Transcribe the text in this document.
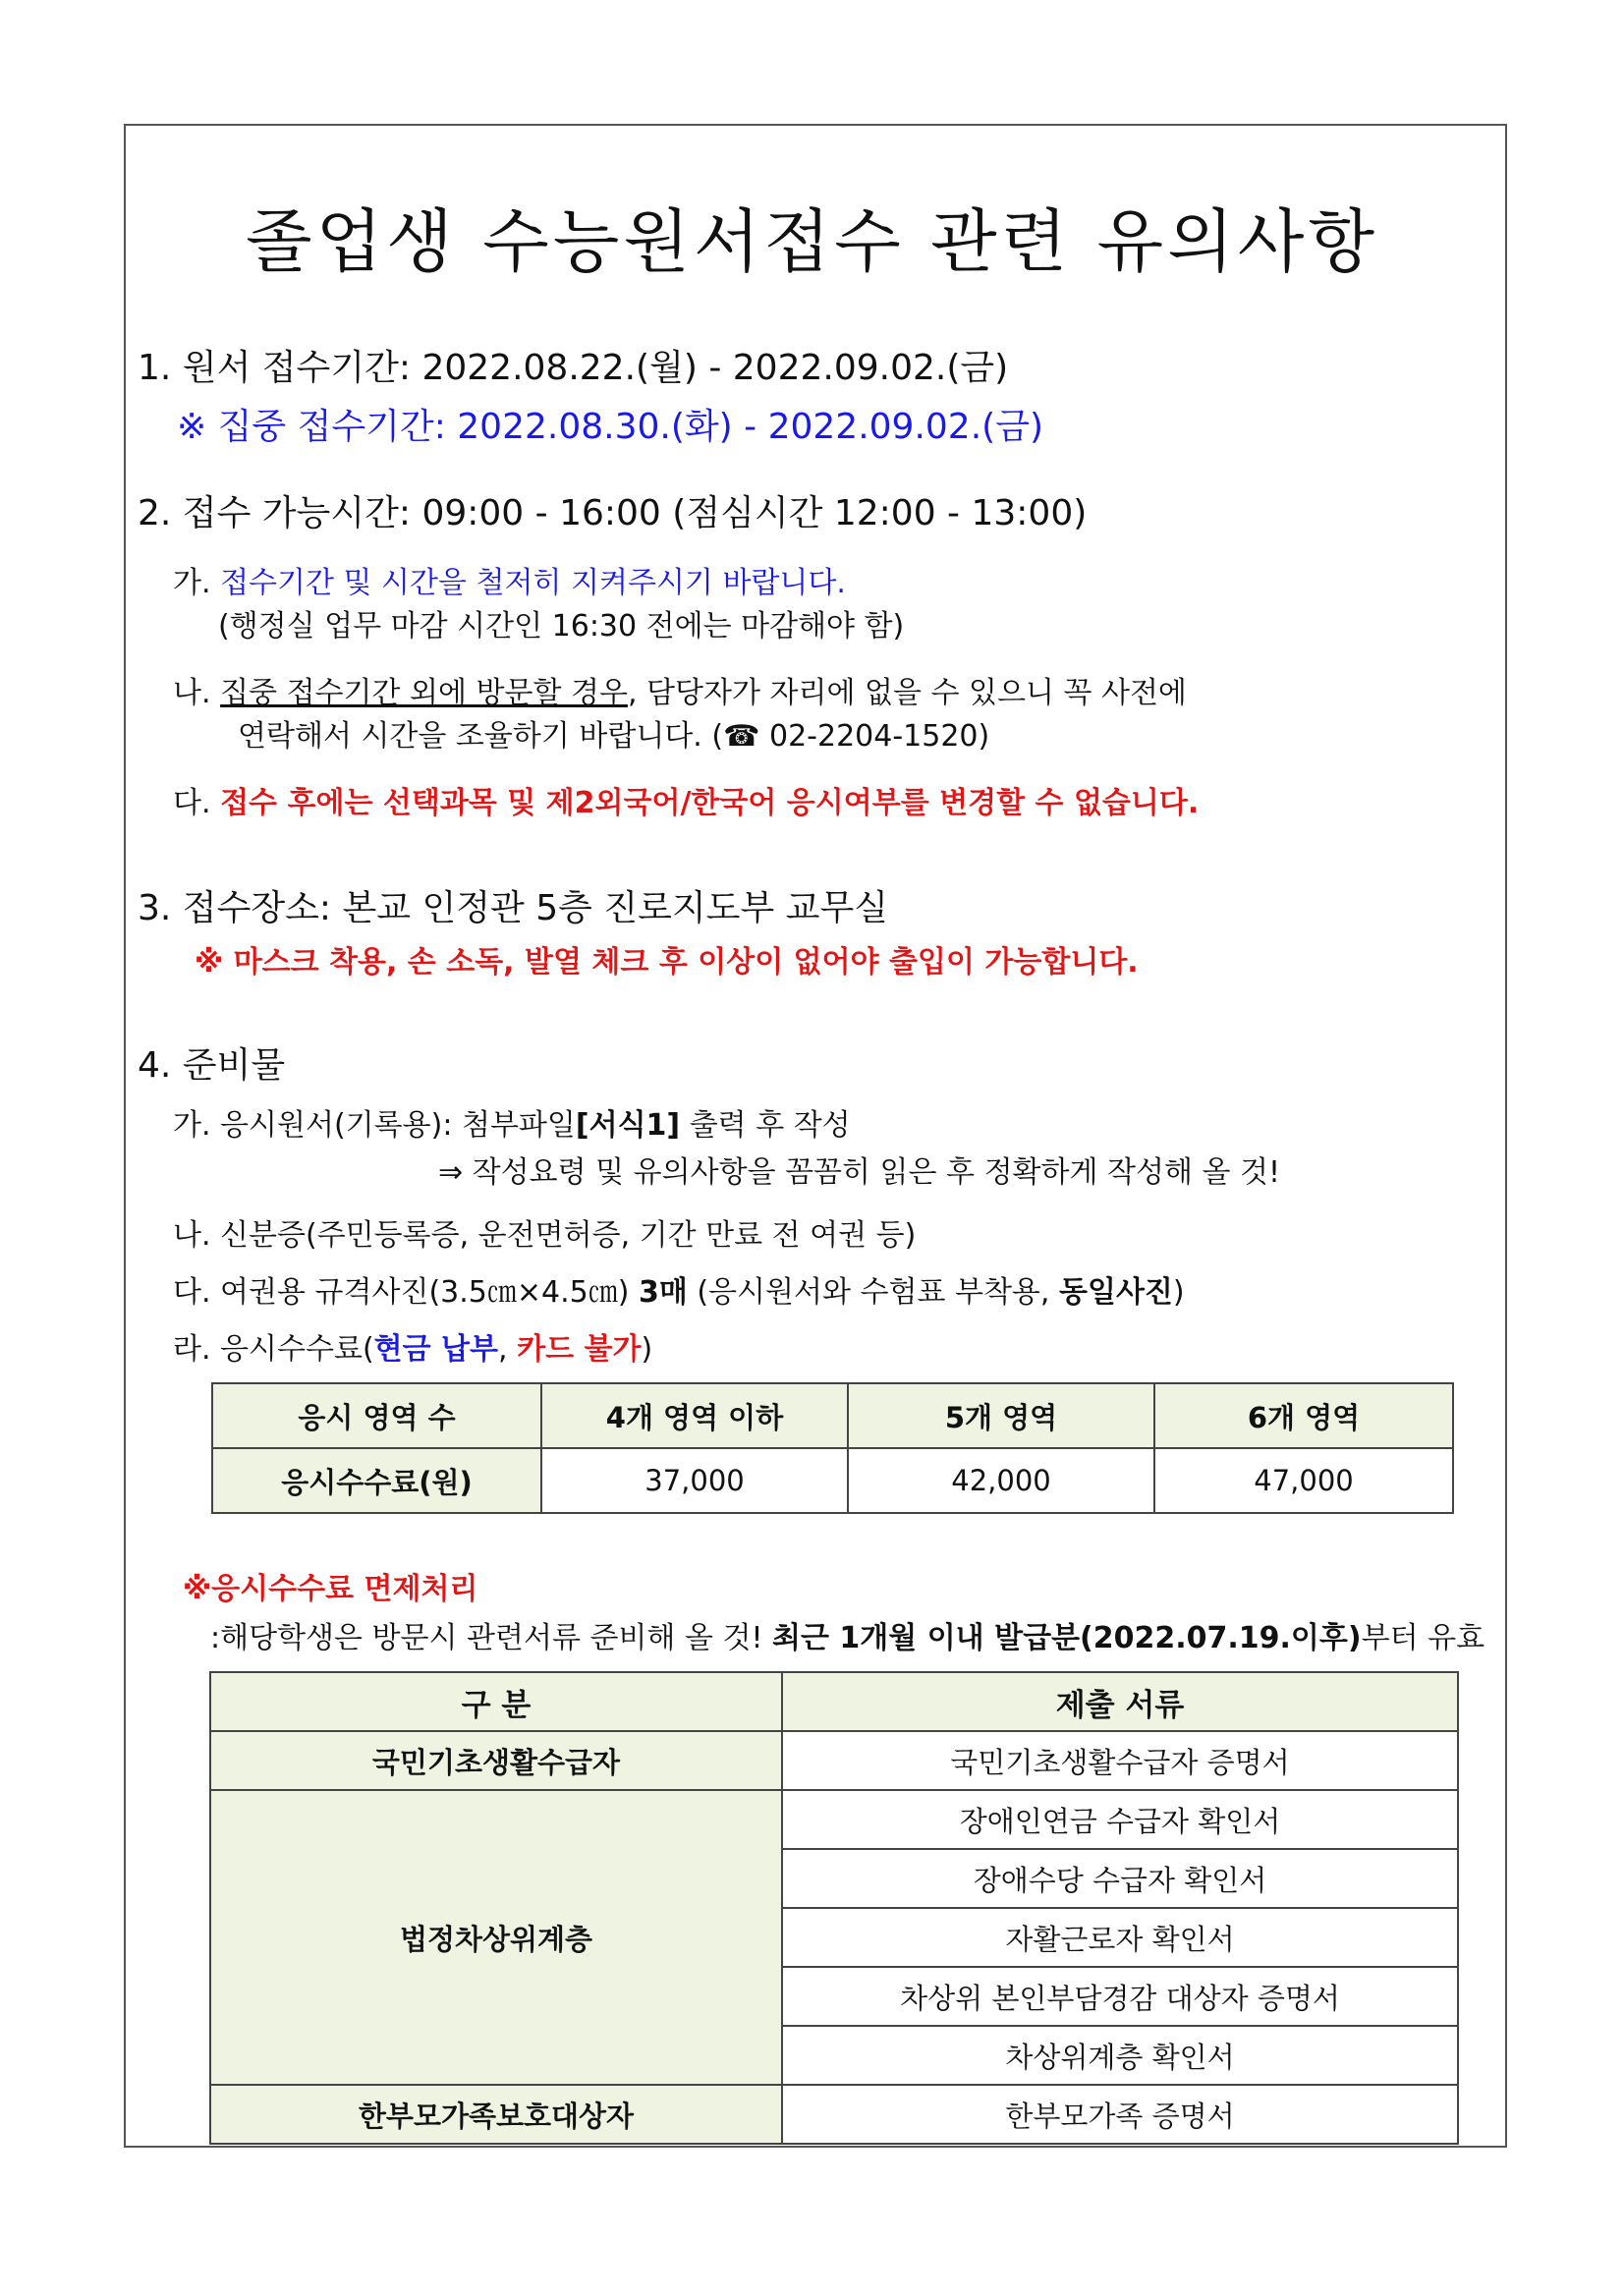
졸업생 수능원서접수 관련 유의사항
1. 원서 접수기간: 2022.08.22.(월) - 2022.09.02.(금)
※ 집중 접수기간: 2022.08.30.(화) - 2022.09.02.(금)
2. 접수 가능시간: 09:00 - 16:00 (점심시간 12:00 - 13:00)
가. 접수기간 및 시간을 철저히 지켜주시기 바랍니다.
(행정실 업무 마감 시간인 16:30 전에는 마감해야 함)
나. 집중 접수기간 외에 방문할 경우, 담당자가 자리에 없을 수 있으니 꼭 사전에
연락해서 시간을 조율하기 바랍니다. (☎ 02-2204-1520)
다. 접수 후에는 선택과목 및 제2외국어/한국어 응시여부를 변경할 수 없습니다.
3. 접수장소: 본교 인정관 5층 진로지도부 교무실
※ 마스크 착용, 손 소독, 발열 체크 후 이상이 없어야 출입이 가능합니다.
4. 준비물
가. 응시원서(기록용): 첨부파일[서식1] 출력 후 작성
⇒ 작성요령 및 유의사항을 꼼꼼히 읽은 후 정확하게 작성해 올 것!
나. 신분증(주민등록증, 운전면허증, 기간 만료 전 여권 등)
다. 여권용 규격사진(3.5㎝×4.5㎝) 3매 (응시원서와 수험표 부착용, 동일사진)
라. 응시수수료(현금 납부, 카드 불가)
응시 영역 수	4개 영역 이하	5개 영역	6개 영역
응시수수료(원)	37,000	42,000	47,000
※응시수수료 면제처리
:해당학생은 방문시 관련서류 준비해 올 것! 최근 1개월 이내 발급분(2022.07.19.이후)부터 유효
구 분	제출 서류
국민기초생활수급자	국민기초생활수급자 증명서
법정차상위계층	장애인연금 수급자 확인서
	장애수당 수급자 확인서
	자활근로자 확인서
	차상위 본인부담경감 대상자 증명서
	차상위계층 확인서
한부모가족보호대상자	한부모가족 증명서
